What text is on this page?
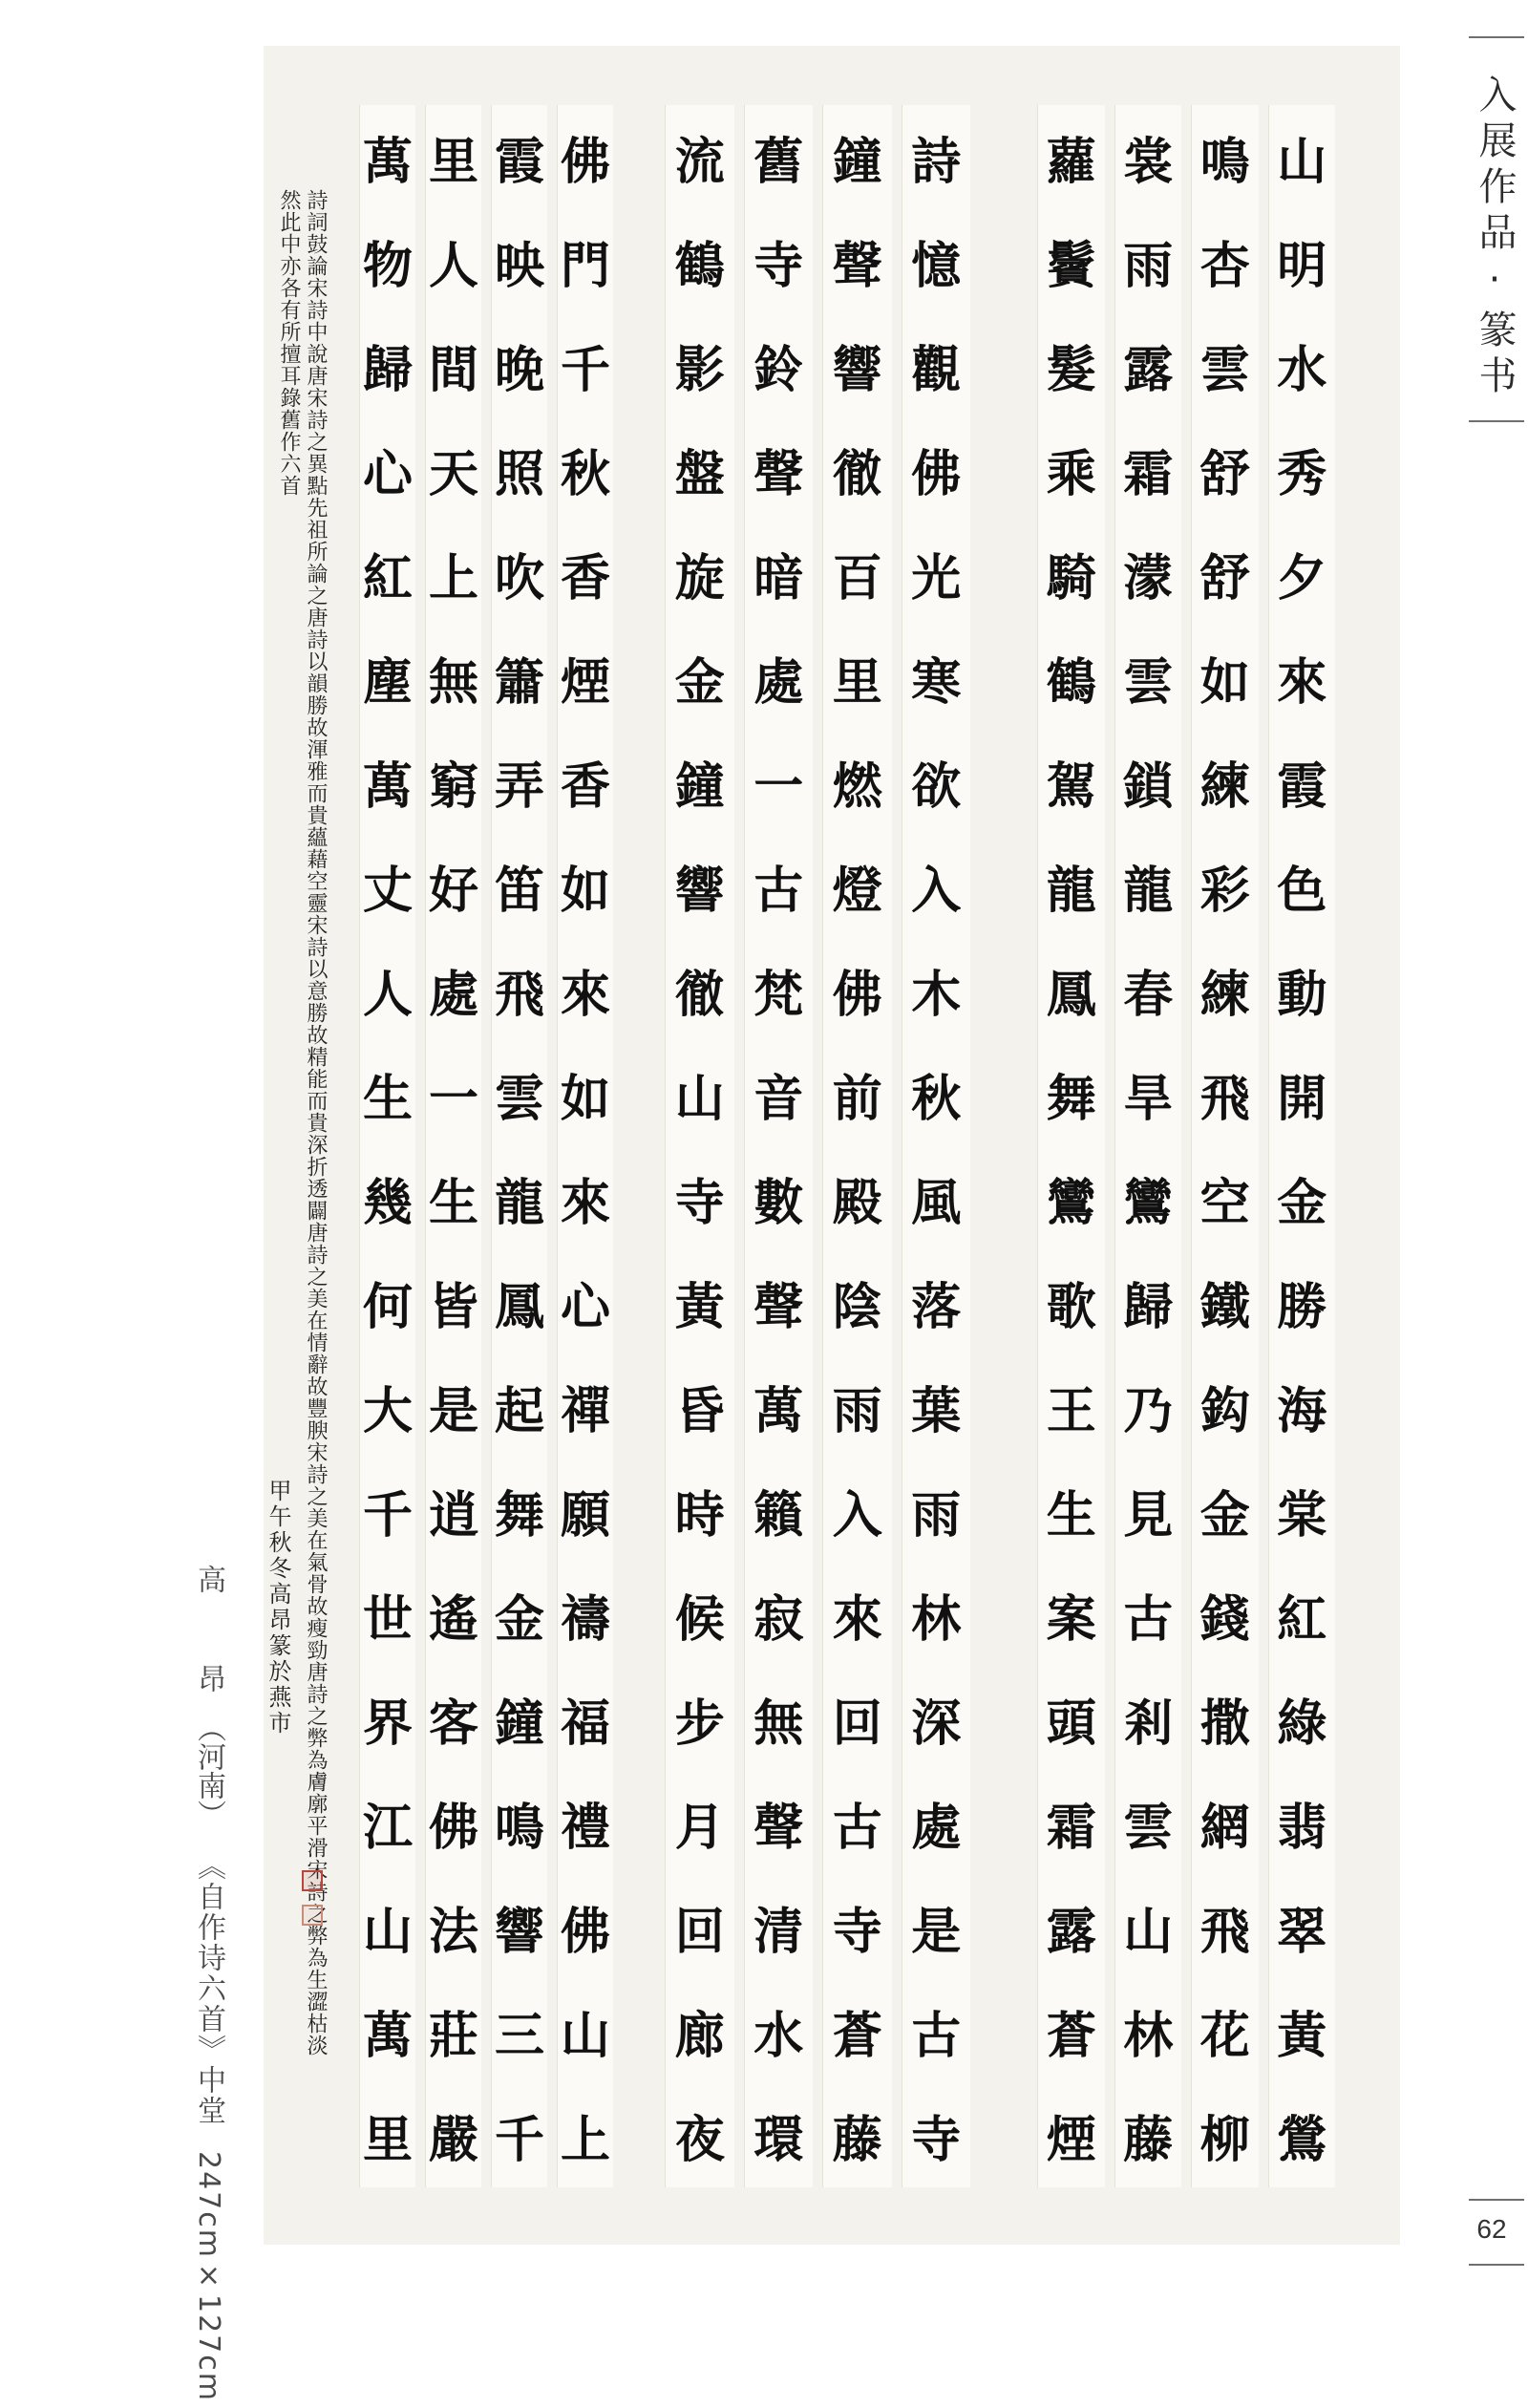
入展作品·篆书
62
高　昂（河南）
《自作诗六首》中堂247cm×127cm
山
明
水
秀
夕
來
霞
色
動
開
金
勝
海
棠
紅
綠
翡
翠
黃
鶯
鳴
杏
雲
舒
舒
如
練
彩
練
飛
空
鐵
鈎
金
錢
撒
網
飛
花
柳
裳
雨
露
霜
濛
雲
鎖
龍
春
旱
鸞
歸
乃
見
古
剎
雲
山
林
藤
蘿
鬢
髮
乘
騎
鶴
駕
龍
鳳
舞
鸞
歌
王
生
案
頭
霜
露
蒼
煙
詩
憶
觀
佛
光
寒
欲
入
木
秋
風
落
葉
雨
林
深
處
是
古
寺
鐘
聲
響
徹
百
里
燃
燈
佛
前
殿
陰
雨
入
來
回
古
寺
蒼
藤
舊
寺
鈴
聲
暗
處
一
古
梵
音
數
聲
萬
籟
寂
無
聲
清
水
環
流
鶴
影
盤
旋
金
鐘
響
徹
山
寺
黃
昏
時
候
步
月
回
廊
夜
佛
門
千
秋
香
煙
香
如
來
如
來
心
禪
願
禱
福
禮
佛
山
上
霞
映
晚
照
吹
簫
弄
笛
飛
雲
龍
鳳
起
舞
金
鐘
鳴
響
三
千
里
人
間
天
上
無
窮
好
處
一
生
皆
是
逍
遙
客
佛
法
莊
嚴
萬
物
歸
心
紅
塵
萬
丈
人
生
幾
何
大
千
世
界
江
山
萬
里
詩詞鼓論宋詩中說唐宋詩之異點先祖所論之唐詩以韻勝故渾雅而貴蘊藉空靈宋詩以意勝故精能而貴深折透闢唐詩之美在情辭故豐腴宋詩之美在氣骨故瘦勁唐詩之弊為膚廓平滑宋詩之弊為生澀枯淡然此中亦各有所擅耳錄舊作六首
甲午秋冬高昂篆於燕市
